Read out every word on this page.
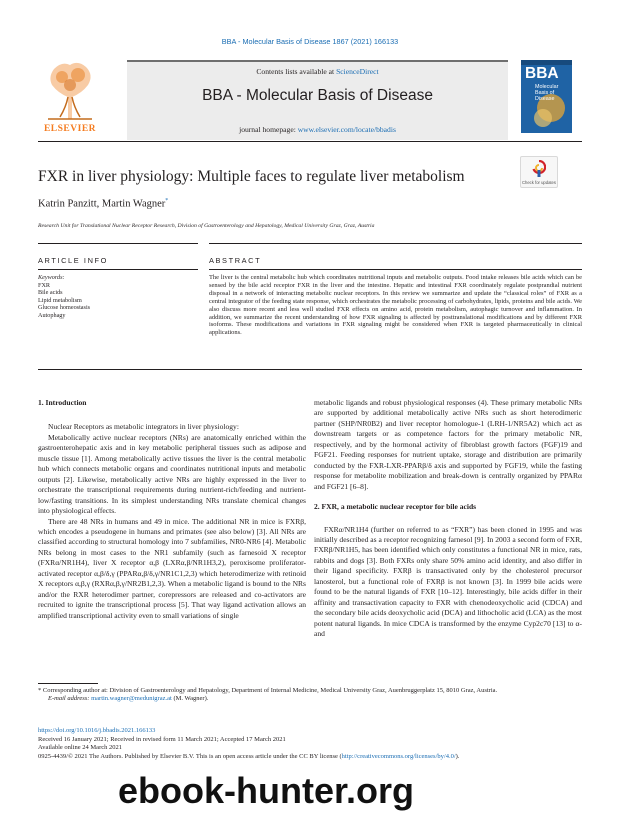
BBA - Molecular Basis of Disease 1867 (2021) 166133
ELSEVIER
Contents lists available at ScienceDirect
BBA - Molecular Basis of Disease
journal homepage: www.elsevier.com/locate/bbadis
BBA
Molecular Basis of Disease
FXR in liver physiology: Multiple faces to regulate liver metabolism	Check for updates
Katrin Panzitt, Martin Wagner*
Research Unit for Translational Nuclear Receptor Research, Division of Gastroenterology and Hepatology, Medical University Graz, Graz, Austria
ARTICLE INFO	ABSTRACT
Keywords:
FXR
Bile acids
Lipid metabolism
Glucose homeostasis
Autophagy
The liver is the central metabolic hub which coordinates nutritional inputs and metabolic outputs. Food intake releases bile acids which can be sensed by the bile acid receptor FXR in the liver and the intestine. Hepatic and intestinal FXR coordinately regulate postprandial nutrient disposal in a network of interacting metabolic nuclear receptors. In this review we summarize and update the “classical roles” of FXR as a central integrator of the feeding state response, which orchestrates the metabolic processing of carbohydrates, lipids, proteins and bile acids. We also discuss more recent and less well studied FXR effects on amino acid, protein metabolism, autophagic turnover and inflammation. In addition, we summarize the recent understanding of how FXR signaling is affected by posttranslational modifications and by different FXR isoforms. These modifications and variations in FXR signaling might be considered when FXR is targeted pharmaceutically in clinical applications.

1. Introduction

Nuclear Receptors as metabolic integrators in liver physiology:

Metabolically active nuclear receptors (NRs) are anatomically enriched within the gastroenterohepatic axis and in key metabolic peripheral tissues such as adipose and muscle tissue [1]. Among metabolically active tissues the liver is the central metabolic hub which connects metabolic organs and coordinates nutritional inputs and metabolic outputs [2]. Likewise, metabolically active NRs are highly expressed in the liver to orchestrate the transcriptional requirements during nutrient-rich/feeding and nutrient-low/fasting transitions. In its simplest understanding NRs translate chemical changes into physiological effects.

There are 48 NRs in humans and 49 in mice. The additional NR in mice is FXRβ, which encodes a pseudogene in humans and primates (see also below) [3]. All NRs are classified according to structural homology into 7 subfamilies, NR0-NR6 [4]. Metabolic NRs belong in most cases to the NR1 subfamily (such as farnesoid X receptor (FXRα/NR1H4), liver X receptor α,β (LXRα,β/NR1H3,2), peroxisome proliferator-activated receptor α,β/δ,γ (PPARα,β/δ,γ/NR1C1,2,3) which heterodimerize with retinoid X receptors α,β,γ (RXRα,β,γ/NR2B1,2,3). When a metabolic ligand is bound to the NRs and/or the RXR heterodimer partner, corepressors are released and co-activators are recruited to ignite the transcriptional process [5]. That way ligand activation allows an amplified transcriptional activity even to small variations of single

metabolic ligands and robust physiological responses (4). These primary metabolic NRs are supported by additional metabolically active NRs such as short heterodimeric partner (SHP/NR0B2) and liver receptor homologue-1 (LRH-1/NR5A2) which act as downstream targets or as competence factors for the primary metabolic NR, respectively, and by the hormonal activity of fibroblast growth factors (FGF)19 and FGF21. Feeding responses for nutrient uptake, storage and distribution are primarily conducted by the FXR-LXR-PPARβ/δ axis and supported by FGF19, while the fasting response for metabolite mobilization and break-down is centrally organized by PPARα and FGF21 [6–8].

2. FXR, a metabolic nuclear receptor for bile acids

FXRα/NR1H4 (further on referred to as “FXR”) has been cloned in 1995 and was initially described as a receptor recognizing farnesol [9]. In 2003 a second form of FXR, FXRβ/NR1H5, has been identified which only constitutes a functional NR in mice, rats, rabbits and dogs [3]. Both FXRs only share 50% amino acid identity, and also differ in their ligand specificity. FXRβ is transactivated only by the cholesterol precursor lanosterol, but a functional role of FXRβ is not known [3]. In 1999 bile acids were found to be the natural ligands of FXR [10–12]. Interestingly, bile acids differ in their affinity and transactivation capacity to FXR with chenodeoxycholic acid (CDCA) and the secondary bile acids deoxycholic acid (DCA) and lithocholic acid (LCA) as the most potent natural ligands. In mice CDCA is transformed by the enzyme Cyp2c70 [13] to α- and

* Corresponding author at: Division of Gastroenterology and Hepatology, Department of Internal Medicine, Medical University Graz, Auenbruggerplatz 15, 8010 Graz, Austria.
E-mail address: martin.wagner@medunigraz.at (M. Wagner).
https://doi.org/10.1016/j.bbadis.2021.166133
Received 16 January 2021; Received in revised form 11 March 2021; Accepted 17 March 2021
Available online 24 March 2021
0925-4439/© 2021 The Authors. Published by Elsevier B.V. This is an open access article under the CC BY license (http://creativecommons.org/licenses/by/4.0/).
ebook-hunter.org
